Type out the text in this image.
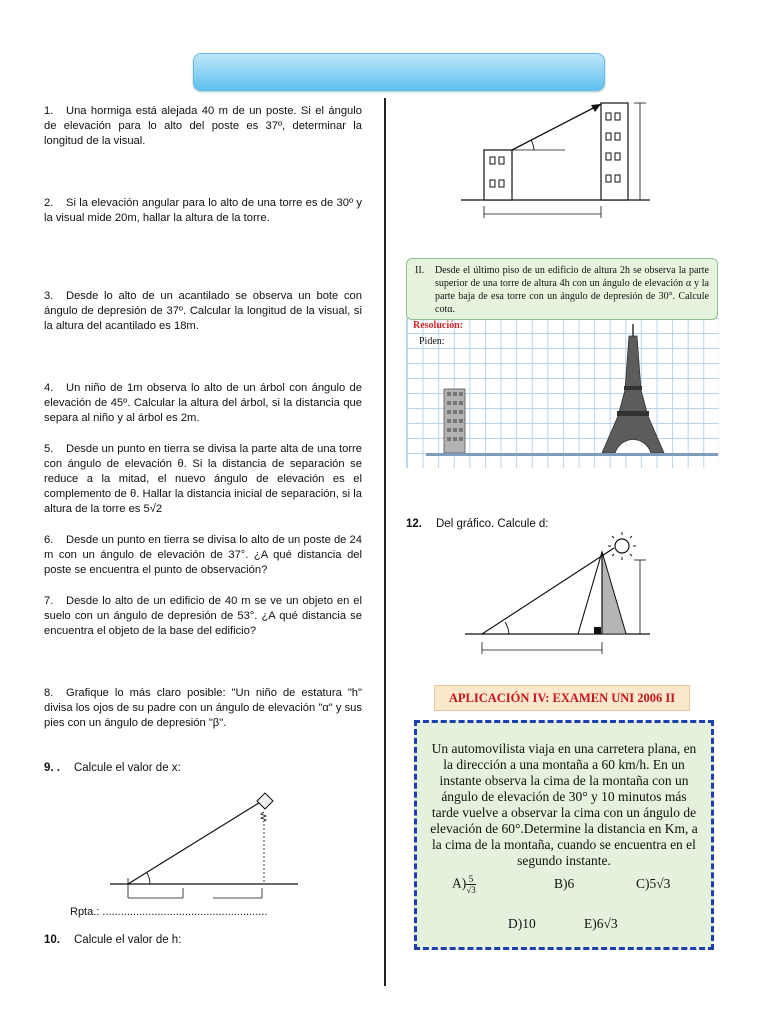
1. Una hormiga está alejada 40 m de un poste. Si el ángulo de elevación para lo alto del poste es 37º, determinar la longitud de la visual.
2. Si la elevación angular para lo alto de una torre es de 30º y la visual mide 20m, hallar la altura de la torre.
3. Desde lo alto de un acantilado se observa un bote con ángulo de depresión de 37º. Calcular la longitud de la visual, si la altura del acantilado es 18m.
4. Un niño de 1m observa lo alto de un árbol con ángulo de elevación de 45º. Calcular la altura del árbol, si la distancia que separa al niño y al árbol es 2m.
5. Desde un punto en tierra se divisa la parte alta de una torre con ángulo de elevación θ. Si la distancia de separación se reduce a la mitad, el nuevo ángulo de elevación es el complemento de θ. Hallar la distancia inicial de separación, si la altura de la torre es 5√2
6. Desde un punto en tierra se divisa lo alto de un poste de 24 m con un ángulo de elevación de 37°. ¿A qué distancia del poste se encuentra el punto de observación?
7. Desde lo alto de un edificio de 40 m se ve un objeto en el suelo con un ángulo de depresión de 53°. ¿A qué distancia se encuentra el objeto de la base del edificio?
8. Grafique lo más claro posible: "Un niño de estatura "h" divisa los ojos de su padre con un ángulo de elevación "α" y sus pies con un ángulo de depresión "β".
9. . Calcule el valor de x:
Rpta.: ......................................................
10. Calcule el valor de h:
II.	Desde el último piso de un edificio de altura 2h se observa la parte superior de una torre de altura 4h con un ángulo de elevación α y la parte baja de esa torre con un ángulo de depresión de 30°. Calcule cotα.
Resolución:
Piden:
12. Del gráfico. Calcule d:
APLICACIÓN IV: EXAMEN UNI 2006 II
Un automovilista viaja en una carretera plana, en la dirección a una montaña a 60 km/h. En un instante observa la cima de la montaña con un ángulo de elevación de 30° y 10 minutos más tarde vuelve a observar la cima con un ángulo de elevación de 60°.Determine la distancia en Km, a la cima de la montaña, cuando se encuentra en el segundo instante.
$A) \frac{5}{√3}$	B)6	C)5√3
D)10	E)6√3
